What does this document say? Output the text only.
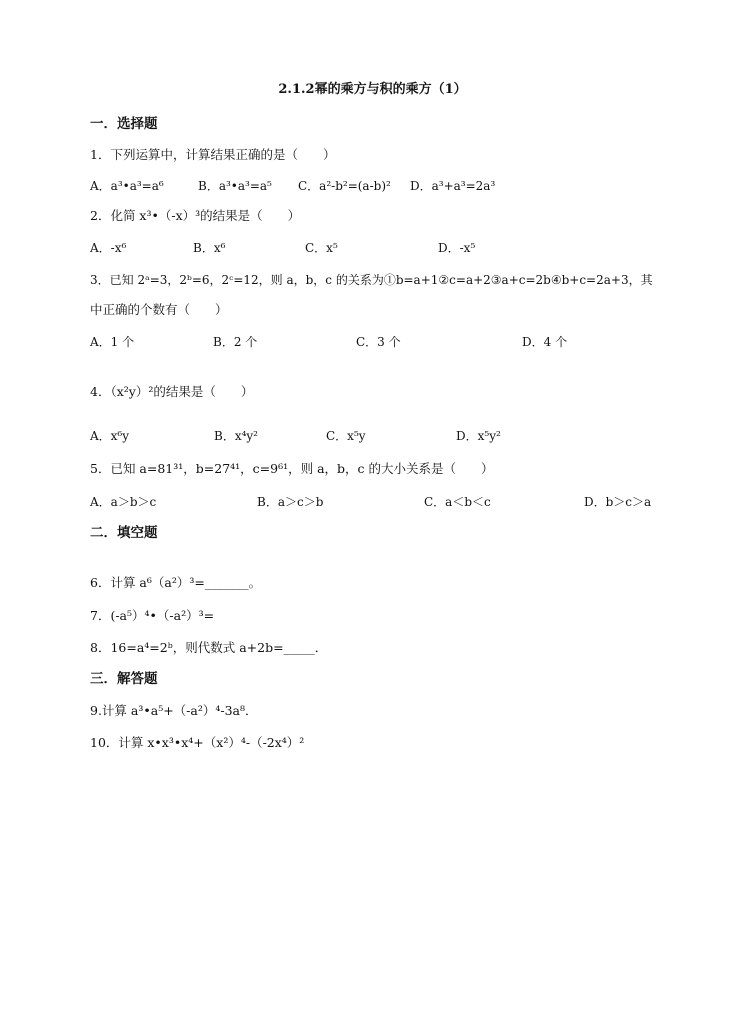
2.1.2幂的乘方与积的乘方（1）
一．选择题
1．下列运算中，计算结果正确的是（　　）
A．a³•a³=a⁶	B．a³•a³=a⁵ C．a²-b²=(a-b)² D．a³+a³=2a³
2．化简 x³•（-x）³的结果是（　　）
A．-x⁶	B．x⁶	C．x⁵	D．-x⁵
3．已知 2ᵃ=3，2ᵇ=6，2ᶜ=12，则 a，b，c 的关系为①b=a+1②c=a+2③a+c=2b④b+c=2a+3，其
中正确的个数有（　　）
A．1 个	B．2 个	C．3 个	D．4 个
4．（x²y）²的结果是（　　）
A．x⁶y	B．x⁴y²	C．x⁵y	D．x⁵y²
5．已知 a=81³¹，b=27⁴¹，c=9⁶¹，则 a，b，c 的大小关系是（　　）
A．a＞b＞c	B．a＞c＞b	C．a＜b＜c	D．b＞c＞a
二．填空题
6．计算 a⁶（a²）³=_______。
7．(-a⁵）⁴•（-a²）³=
8．16=a⁴=2ᵇ，则代数式 a+2b=_____．
三．解答题
9.计算 a³•a⁵+（-a²）⁴-3a⁸．
10．计算 x•x³•x⁴+（x²）⁴-（-2x⁴）²
